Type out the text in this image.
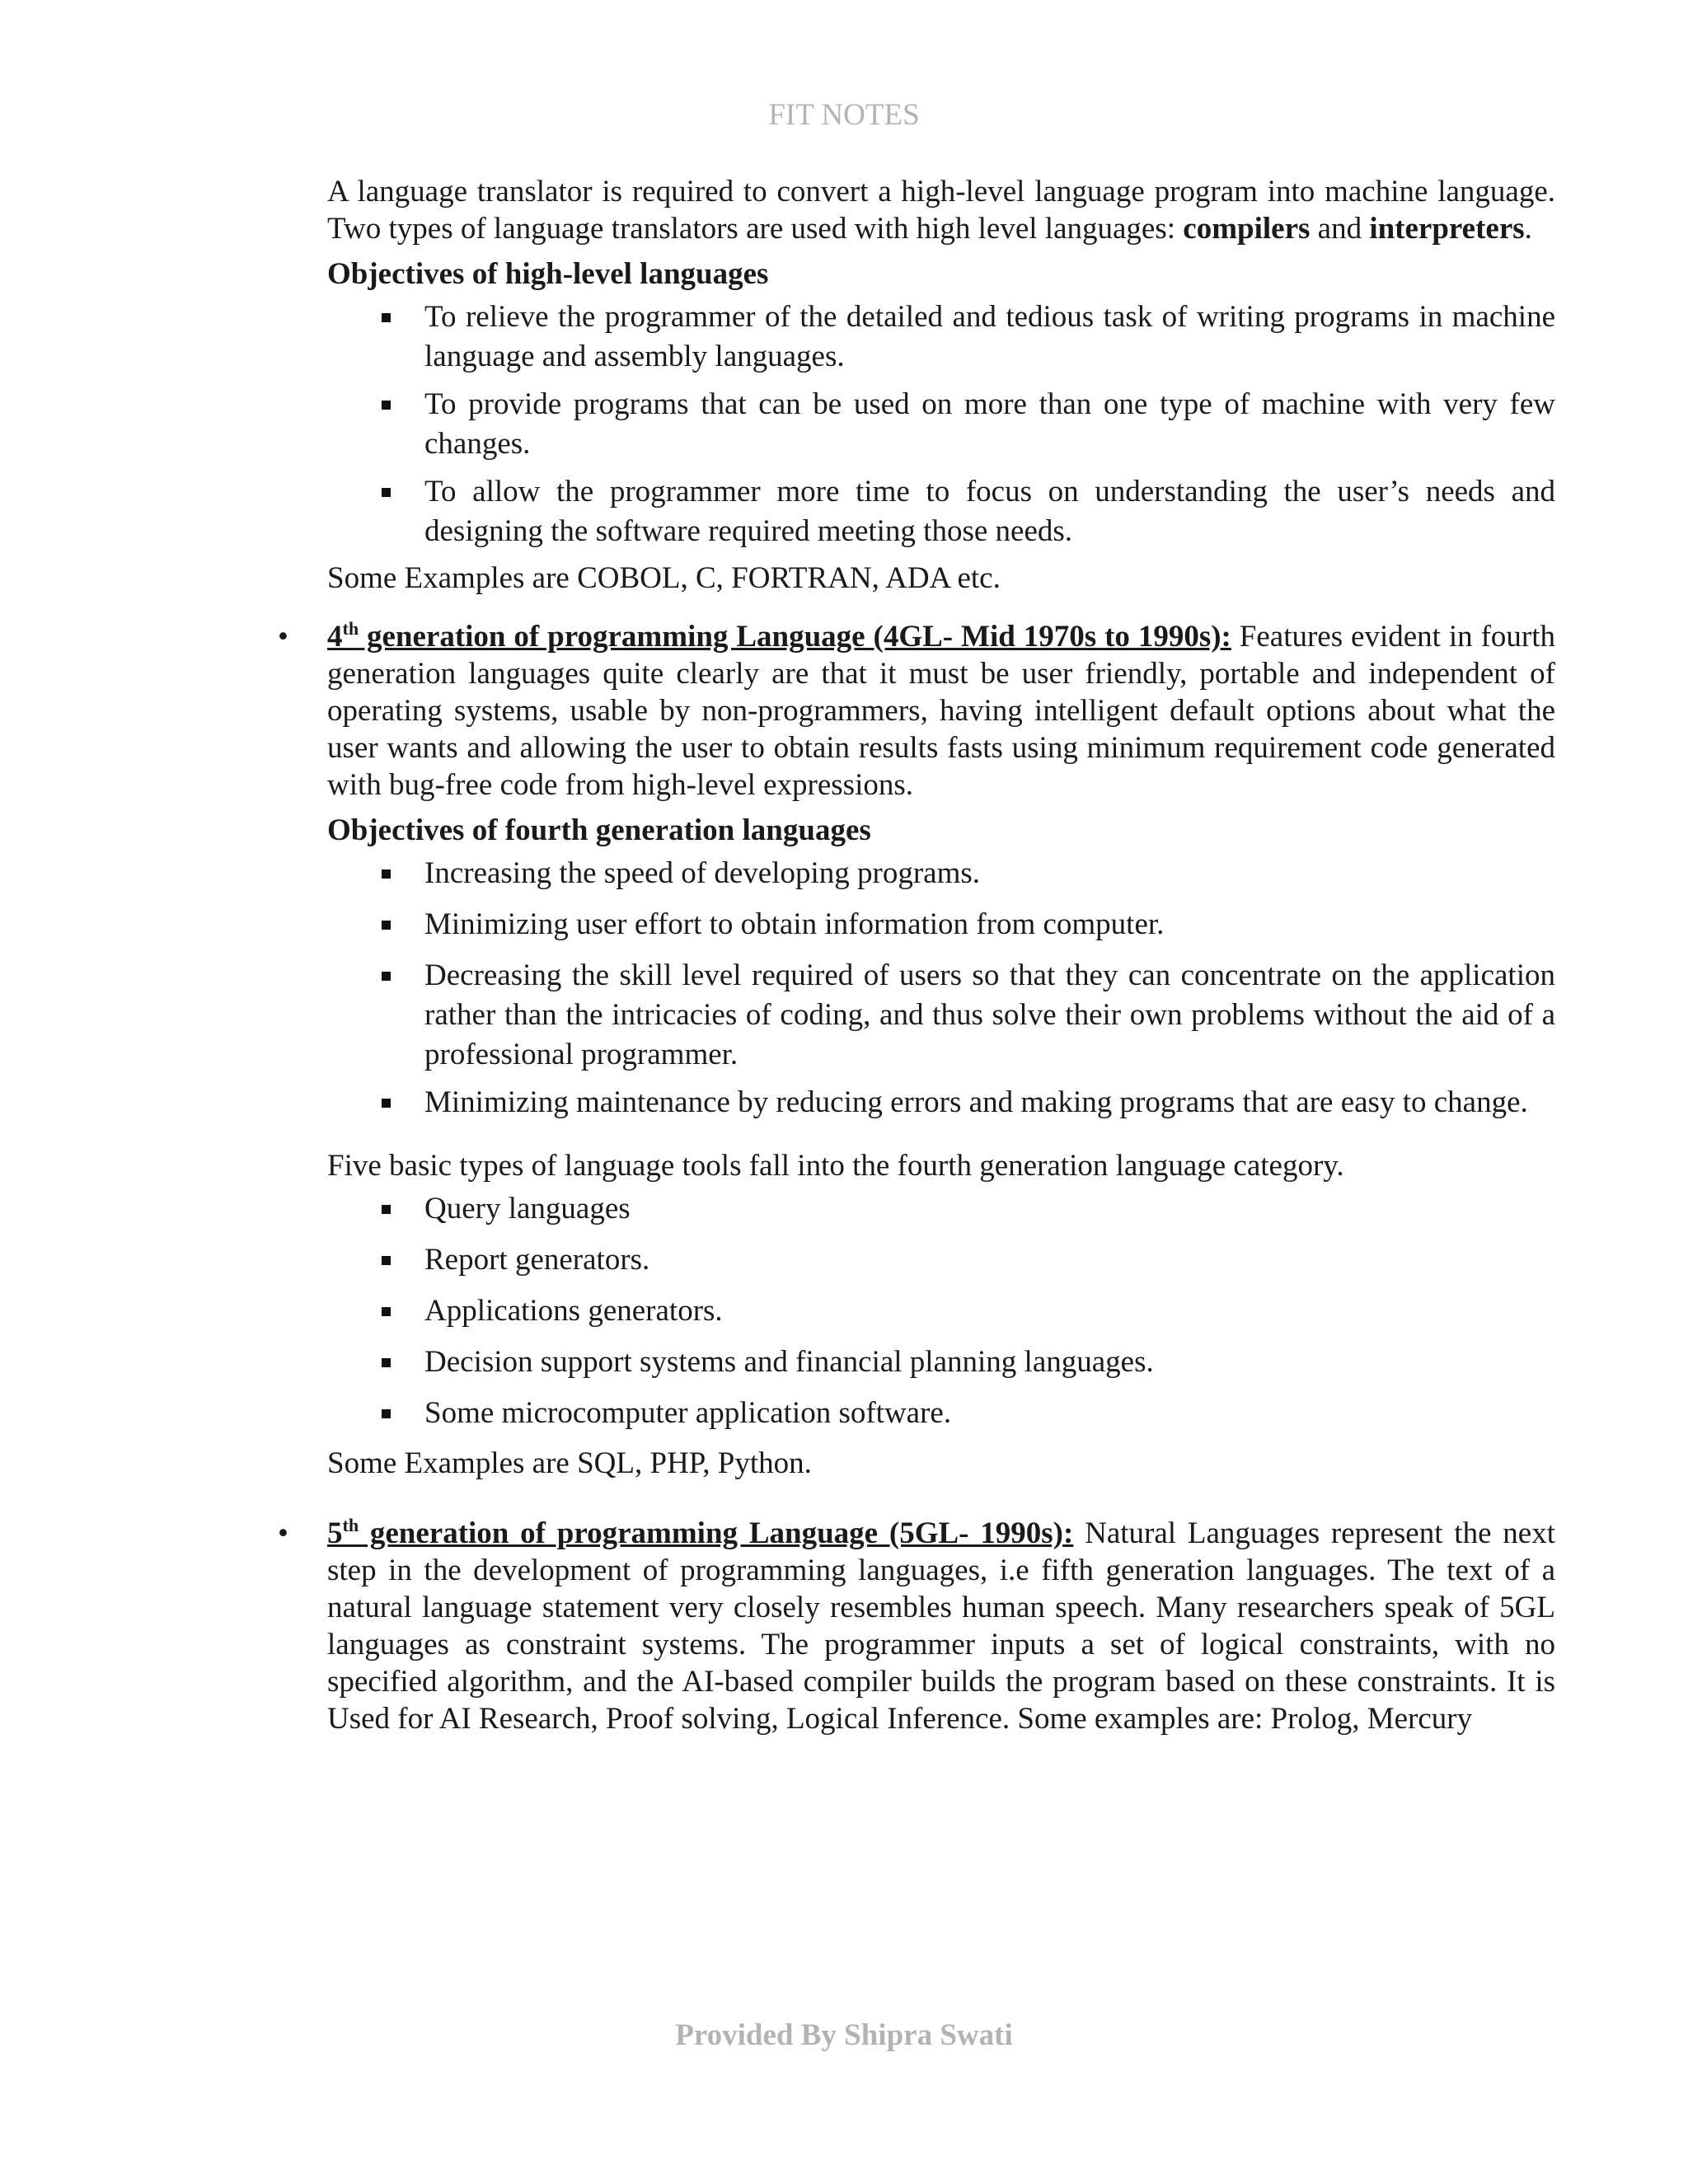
FIT NOTES

A language translator is required to convert a high-level language program into machine language. Two types of language translators are used with high level languages: compilers and interpreters.

Objectives of high-level languages

To relieve the programmer of the detailed and tedious task of writing programs in machine language and assembly languages.
To provide programs that can be used on more than one type of machine with very few changes.
To allow the programmer more time to focus on understanding the user’s needs and designing the software required meeting those needs.

Some Examples are COBOL, C, FORTRAN, ADA etc.

• 4th generation of programming Language (4GL- Mid 1970s to 1990s): Features evident in fourth generation languages quite clearly are that it must be user friendly, portable and independent of operating systems, usable by non-programmers, having intelligent default options about what the user wants and allowing the user to obtain results fasts using minimum requirement code generated with bug-free code from high-level expressions.

Objectives of fourth generation languages

Increasing the speed of developing programs.
Minimizing user effort to obtain information from computer.
Decreasing the skill level required of users so that they can concentrate on the application rather than the intricacies of coding, and thus solve their own problems without the aid of a professional programmer.
Minimizing maintenance by reducing errors and making programs that are easy to change.

Five basic types of language tools fall into the fourth generation language category.

Query languages
Report generators.
Applications generators.
Decision support systems and financial planning languages.
Some microcomputer application software.

Some Examples are SQL, PHP, Python.

• 5th generation of programming Language (5GL- 1990s): Natural Languages represent the next step in the development of programming languages, i.e fifth generation languages. The text of a natural language statement very closely resembles human speech. Many researchers speak of 5GL languages as constraint systems. The programmer inputs a set of logical constraints, with no specified algorithm, and the AI-based compiler builds the program based on these constraints. It is Used for AI Research, Proof solving, Logical Inference. Some examples are: Prolog, Mercury

Provided By Shipra Swati
